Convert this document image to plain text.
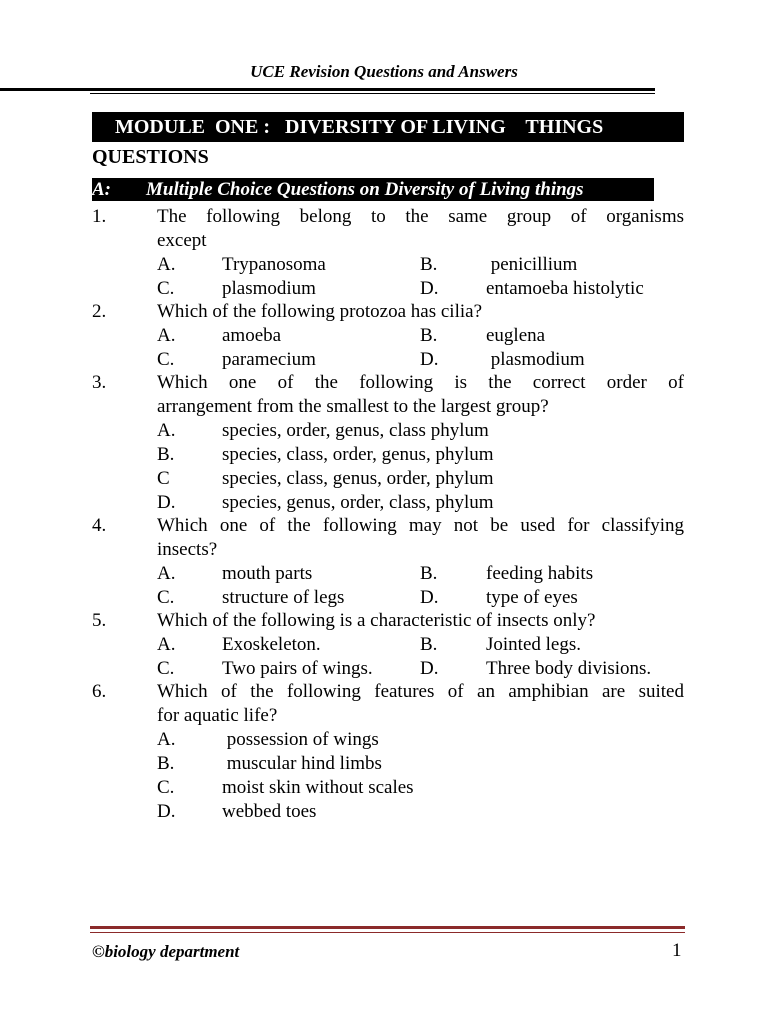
UCE Revision Questions and Answers
MODULE  ONE :   DIVERSITY OF LIVING    THINGS
QUESTIONS
A: Multiple Choice Questions on Diversity of Living things
1.	The following belong to the same group of organisms
except
A. Trypanosoma	B.	penicillium
C.	plasmodium	D.	entamoeba histolytic
2.	Which of the following protozoa has cilia?
A. amoeba	B.	euglena
C.	paramecium	D.	plasmodium
3.	Which one of the following is the correct order of
arrangement from the smallest to the largest group?
A. species, order, genus, class phylum
B.	species, class, order, genus, phylum
C	species, class, genus, order, phylum
D. species, genus, order, class, phylum
4.	Which one of the following may not be used for classifying
insects?
A. mouth parts	B.	feeding habits
C.	structure of legs	D.	type of eyes
5.	Which of the following is a characteristic of insects only?
A. Exoskeleton.	B.	Jointed legs.
C.	Two pairs of wings. D.	Three body divisions.
6.	Which of the following features of an amphibian are suited
for aquatic life?
A. possession of wings
B.	muscular hind limbs
C.	moist skin without scales
D. webbed toes
©biology department	1
